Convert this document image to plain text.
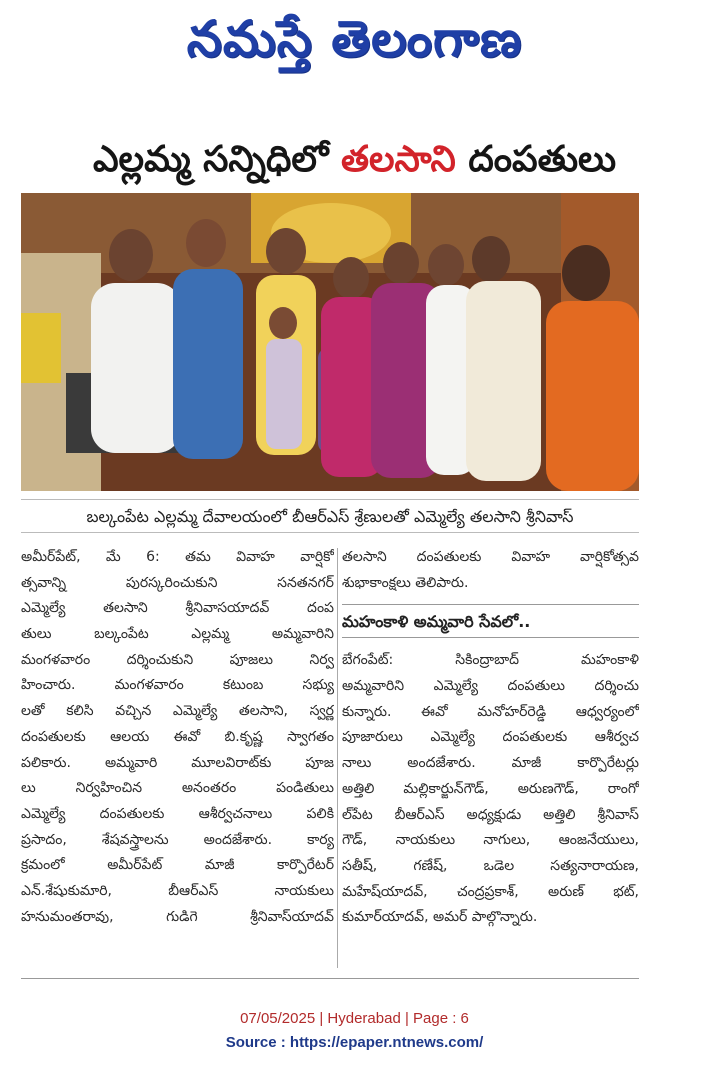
నమస్తే తెలంగాణ
ఎల్లమ్మ సన్నిధిలో తలసాని దంపతులు
బల్కంపేట ఎల్లమ్మ దేవాలయంలో బీఆర్ఎస్ శ్రేణులతో ఎమ్మెల్యే తలసాని శ్రీనివాస్
అమీర్‌పేట్, మే 6: తమ వివాహ వార్షికో
త్సవాన్ని పురస్కరించుకుని సనతనగర్
ఎమ్మెల్యే తలసాని శ్రీనివాసయాదవ్ దంప
తులు బల్కంపేట ఎల్లమ్మ అమ్మవారిని
మంగళవారం దర్శించుకుని పూజలు నిర్వ
హించారు. మంగళవారం కటుంబ సభ్యు
లతో కలిసి వచ్చిన ఎమ్మెల్యే తలసాని, స్వర్ణ
దంపతులకు ఆలయ ఈవో బి.కృష్ణ స్వాగతం
పలికారు. అమ్మవారి మూలవిరాట్‌కు పూజ
లు నిర్వహించిన అనంతరం పండితులు
ఎమ్మెల్యే దంపతులకు ఆశీర్వచనాలు పలికి
ప్రసాదం, శేషవస్త్రాలను అందజేశారు. కార్య
క్రమంలో అమీర్‌పేట్ మాజీ కార్పొరేటర్
ఎన్.శేషుకుమారి, బీఆర్ఎస్ నాయకులు
హనుమంతరావు, గుడిగె శ్రీనివాస్‌యాదవ్
తలసాని దంపతులకు వివాహ వార్షికోత్సవ
శుభాకాంక్షలు తెలిపారు.
మహంకాళి అమ్మవారి సేవలో..
బేగంపేట్: సికింద్రాబాద్ మహంకాళి
అమ్మవారిని ఎమ్మెల్యే దంపతులు దర్శించు
కున్నారు. ఈవో మనోహర్‌రెడ్డి ఆధ్వర్యంలో
పూజారులు ఎమ్మెల్యే దంపతులకు ఆశీర్వచ
నాలు అందజేశారు. మాజీ కార్పొరేటర్లు
అత్తిలి మల్లికార్జున్‌గౌడ్, అరుణగౌడ్, రాంగో
ల్‌పేట బీఆర్ఎస్ అధ్యక్షుడు అత్తిలి శ్రీనివాస్
గౌడ్, నాయకులు నాగులు, ఆంజనేయులు,
సతీష్, గణేష్, ఒడెల సత్యనారాయణ,
మహేష్‌యాదవ్, చంద్రప్రకాశ్, అరుణ్ భట్,
కుమార్‌యాదవ్, అమర్ పాల్గొన్నారు.
07/05/2025 | Hyderabad | Page : 6
Source : https://epaper.ntnews.com/
